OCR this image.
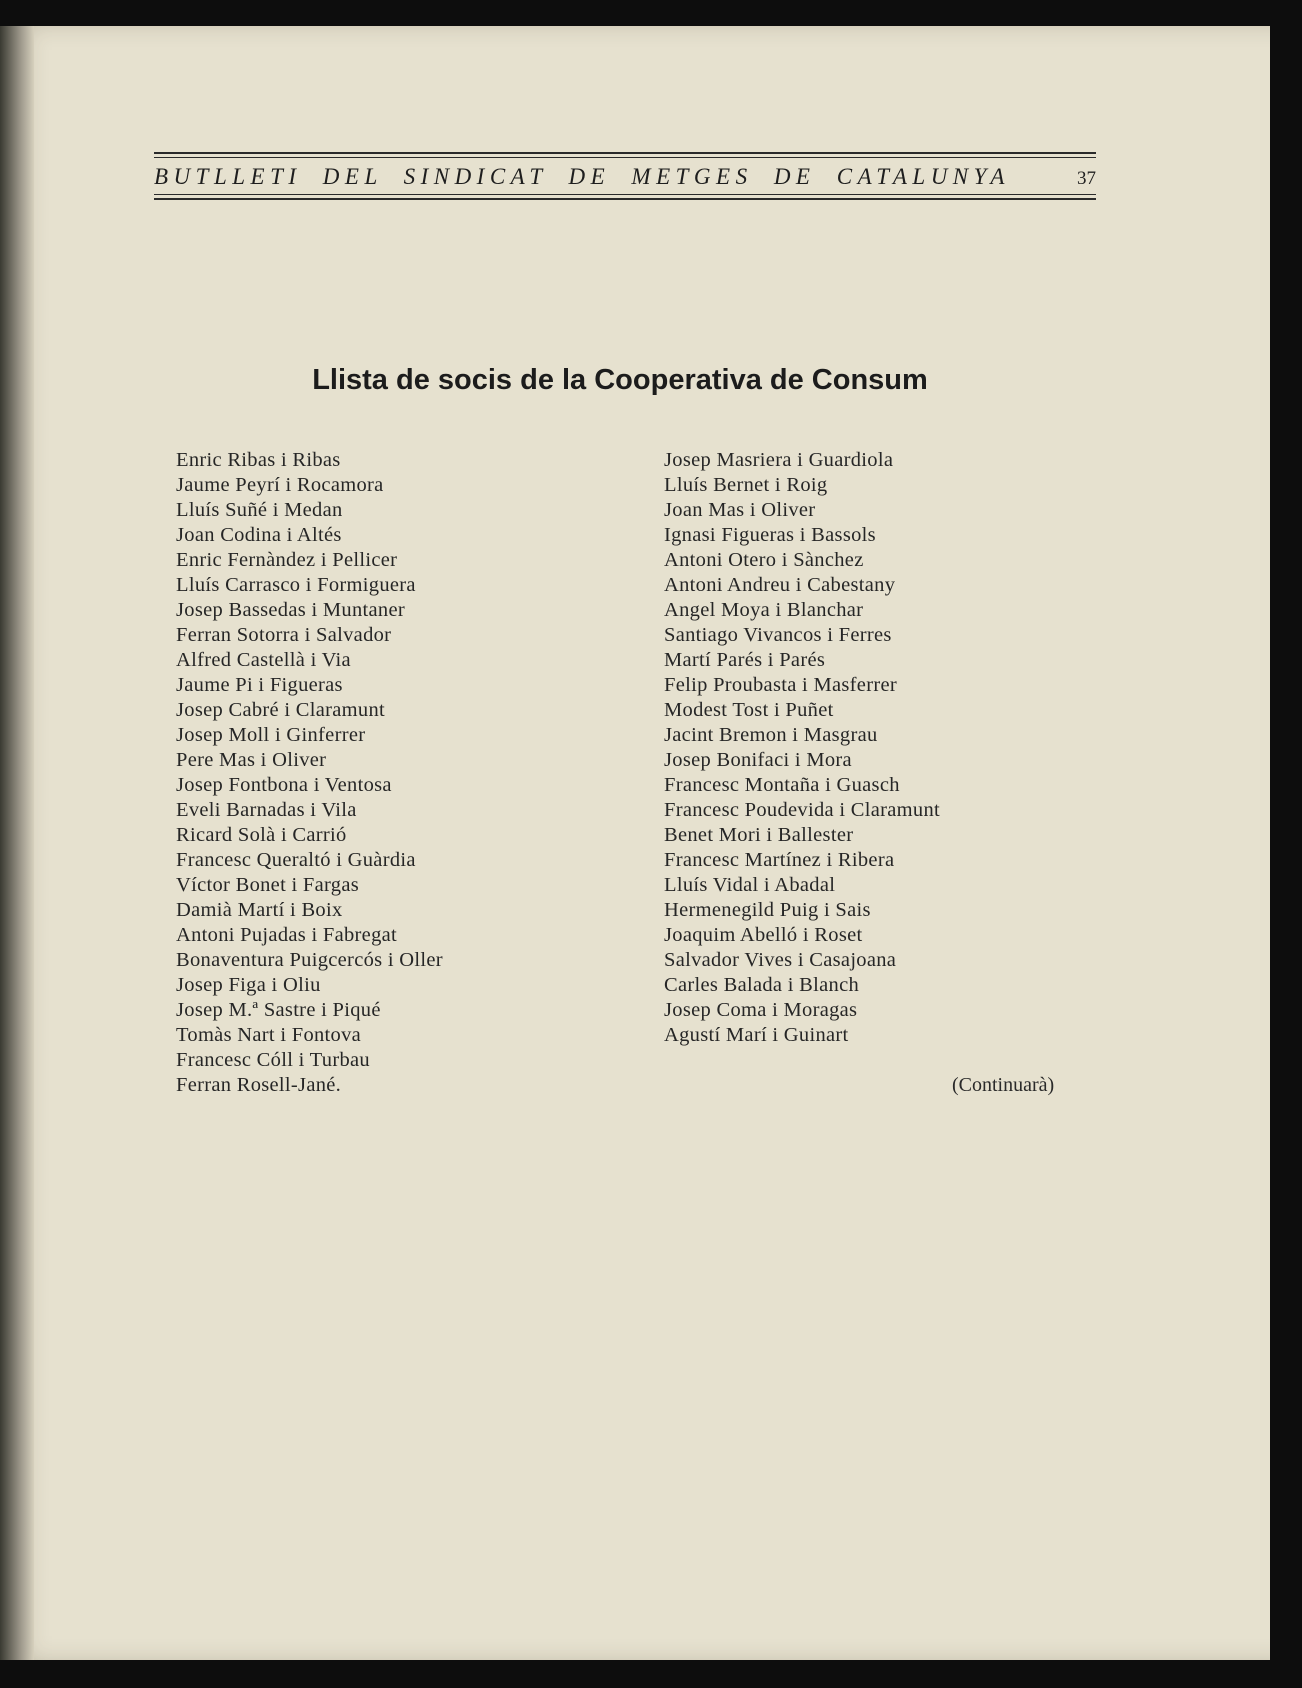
BUTLLETI DEL SINDICAT DE METGES DE CATALUNYA	37
Llista de socis de la Cooperativa de Consum
Enric Ribas i Ribas
Jaume Peyrí i Rocamora
Lluís Suñé i Medan
Joan Codina i Altés
Enric Fernàndez i Pellicer
Lluís Carrasco i Formiguera
Josep Bassedas i Muntaner
Ferran Sotorra i Salvador
Alfred Castellà i Via
Jaume Pi i Figueras
Josep Cabré i Claramunt
Josep Moll i Ginferrer
Pere Mas i Oliver
Josep Fontbona i Ventosa
Eveli Barnadas i Vila
Ricard Solà i Carrió
Francesc Queraltó i Guàrdia
Víctor Bonet i Fargas
Damià Martí i Boix
Antoni Pujadas i Fabregat
Bonaventura Puigcercós i Oller
Josep Figa i Oliu
Josep M.ª Sastre i Piqué
Tomàs Nart i Fontova
Francesc Cóll i Turbau
Ferran Rosell-Jané.
Josep Masriera i Guardiola
Lluís Bernet i Roig
Joan Mas i Oliver
Ignasi Figueras i Bassols
Antoni Otero i Sànchez
Antoni Andreu i Cabestany
Angel Moya i Blanchar
Santiago Vivancos i Ferres
Martí Parés i Parés
Felip Proubasta i Masferrer
Modest Tost i Puñet
Jacint Bremon i Masgrau
Josep Bonifaci i Mora
Francesc Montaña i Guasch
Francesc Poudevida i Claramunt
Benet Mori i Ballester
Francesc Martínez i Ribera
Lluís Vidal i Abadal
Hermenegild Puig i Sais
Joaquim Abelló i Roset
Salvador Vives i Casajoana
Carles Balada i Blanch
Josep Coma i Moragas
Agustí Marí i Guinart
(Continuarà)
